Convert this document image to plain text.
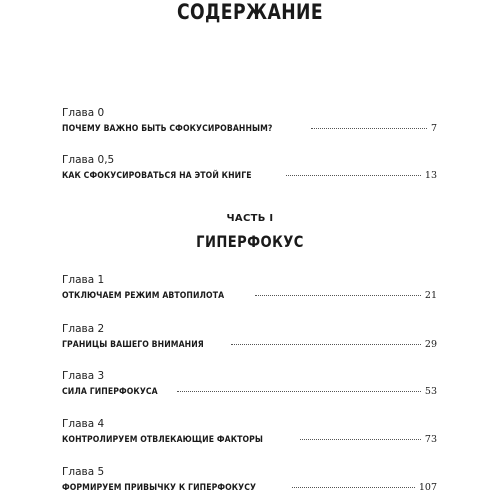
СОДЕРЖАНИЕ
Глава 0
ПОЧЕМУ ВАЖНО БЫТЬ СФОКУСИРОВАННЫМ?	7
Глава 0,5
КАК СФОКУСИРОВАТЬСЯ НА ЭТОЙ КНИГЕ	13
ЧАСТЬ I
ГИПЕРФОКУС
Глава 1
ОТКЛЮЧАЕМ РЕЖИМ АВТОПИЛОТА	21
Глава 2
ГРАНИЦЫ ВАШЕГО ВНИМАНИЯ	29
Глава 3
СИЛА ГИПЕРФОКУСА	53
Глава 4
КОНТРОЛИРУЕМ ОТВЛЕКАЮЩИЕ ФАКТОРЫ	73
Глава 5
ФОРМИРУЕМ ПРИВЫЧКУ К ГИПЕРФОКУСУ	107
